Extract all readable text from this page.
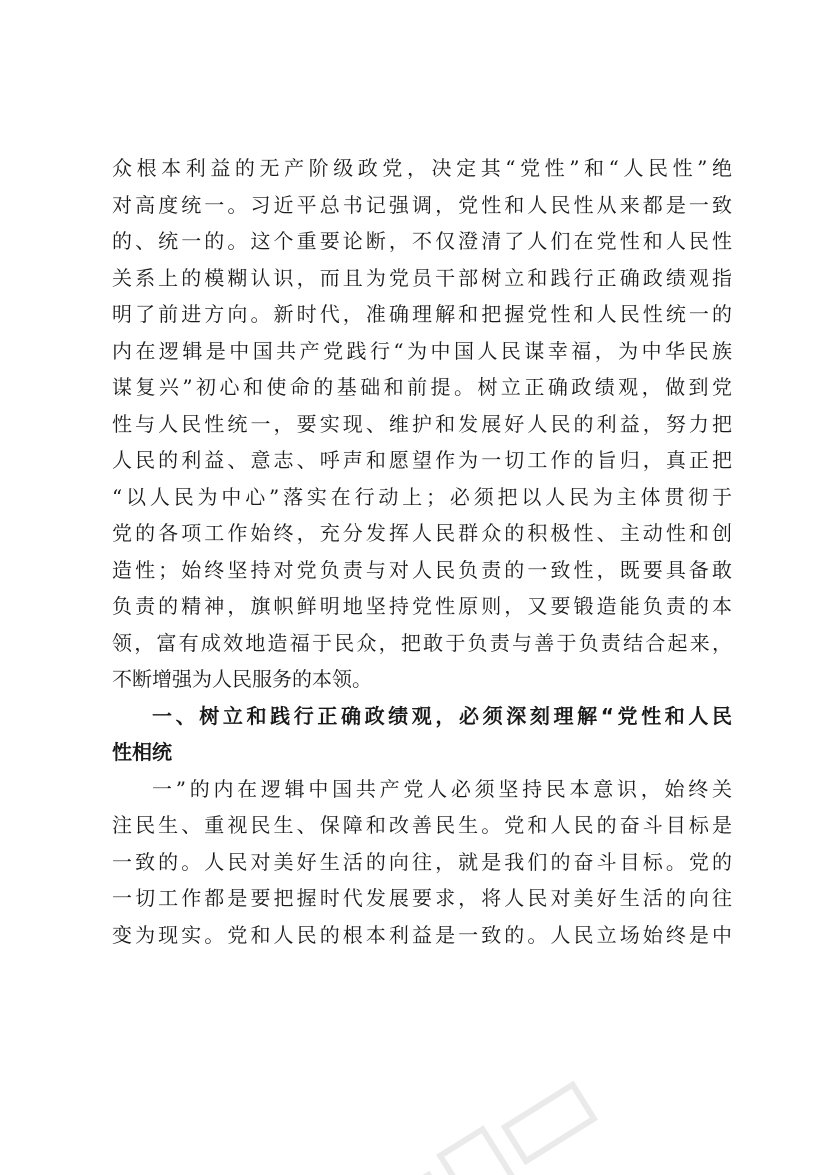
众根本利益的无产阶级政党，决定其“党性”和“人民性”绝
对高度统一。习近平总书记强调，党性和人民性从来都是一致
的、统一的。这个重要论断，不仅澄清了人们在党性和人民性
关系上的模糊认识，而且为党员干部树立和践行正确政绩观指
明了前进方向。新时代，准确理解和把握党性和人民性统一的
内在逻辑是中国共产党践行“为中国人民谋幸福，为中华民族
谋复兴”初心和使命的基础和前提。树立正确政绩观，做到党
性与人民性统一，要实现、维护和发展好人民的利益，努力把
人民的利益、意志、呼声和愿望作为一切工作的旨归，真正把
“以人民为中心”落实在行动上；必须把以人民为主体贯彻于
党的各项工作始终，充分发挥人民群众的积极性、主动性和创
造性；始终坚持对党负责与对人民负责的一致性，既要具备敢
负责的精神，旗帜鲜明地坚持党性原则，又要锻造能负责的本
领，富有成效地造福于民众，把敢于负责与善于负责结合起来，
不断增强为人民服务的本领。
一、树立和践行正确政绩观，必须深刻理解“党性和人民
性相统
一”的内在逻辑中国共产党人必须坚持民本意识，始终关
注民生、重视民生、保障和改善民生。党和人民的奋斗目标是
一致的。人民对美好生活的向往，就是我们的奋斗目标。党的
一切工作都是要把握时代发展要求，将人民对美好生活的向往
变为现实。党和人民的根本利益是一致的。人民立场始终是中
